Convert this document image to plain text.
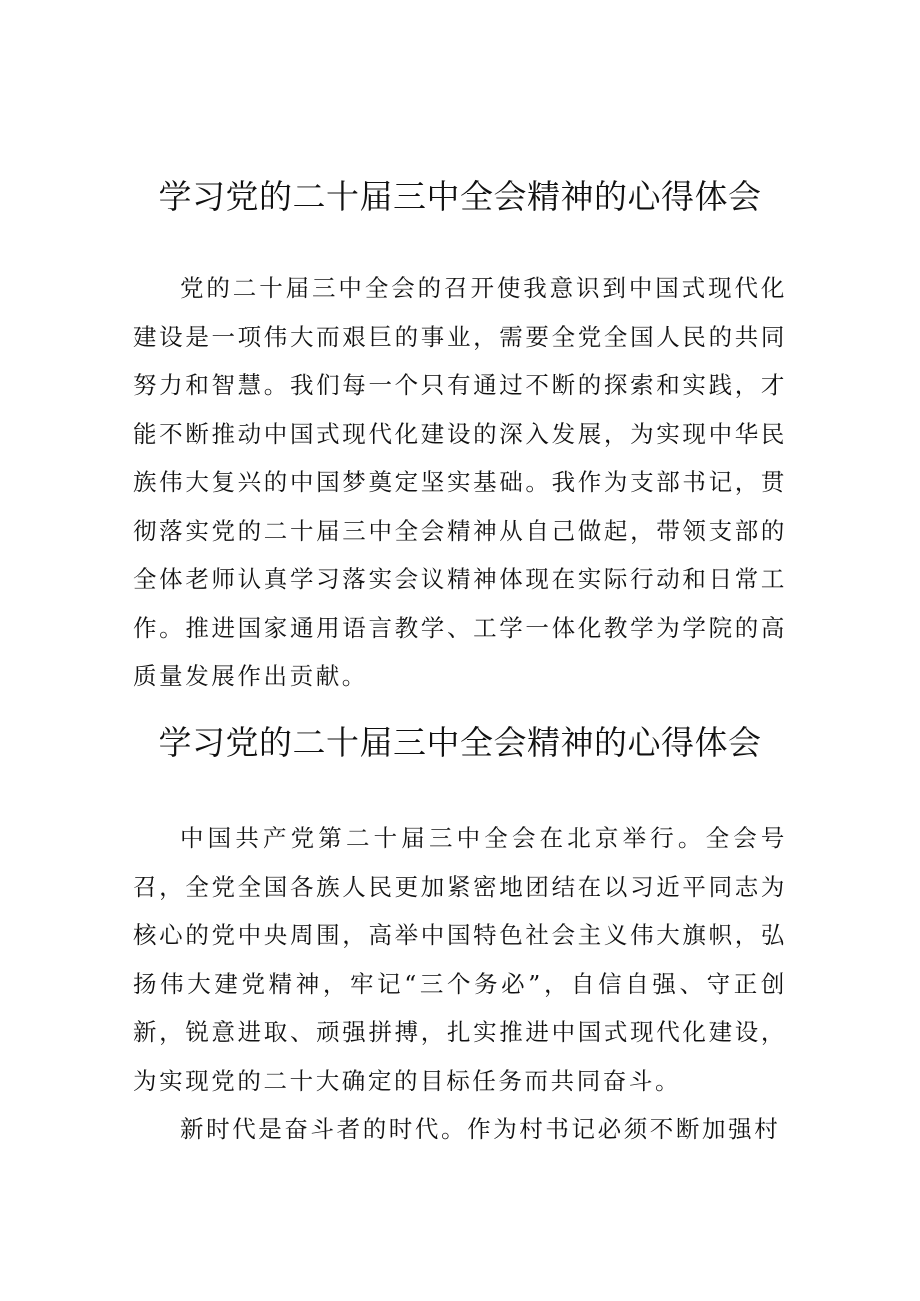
学习党的二十届三中全会精神的心得体会

党的二十届三中全会的召开使我意识到中国式现代化建设是一项伟大而艰巨的事业，需要全党全国人民的共同努力和智慧。我们每一个只有通过不断的探索和实践，才能不断推动中国式现代化建设的深入发展，为实现中华民族伟大复兴的中国梦奠定坚实基础。我作为支部书记，贯彻落实党的二十届三中全会精神从自己做起，带领支部的全体老师认真学习落实会议精神体现在实际行动和日常工作。推进国家通用语言教学、工学一体化教学为学院的高质量发展作出贡献。

学习党的二十届三中全会精神的心得体会

中国共产党第二十届三中全会在北京举行。全会号召，全党全国各族人民更加紧密地团结在以习近平同志为核心的党中央周围，高举中国特色社会主义伟大旗帜，弘扬伟大建党精神，牢记“三个务必”，自信自强、守正创新，锐意进取、顽强拼搏，扎实推进中国式现代化建设，为实现党的二十大确定的目标任务而共同奋斗。

新时代是奋斗者的时代。作为村书记必须不断加强村
